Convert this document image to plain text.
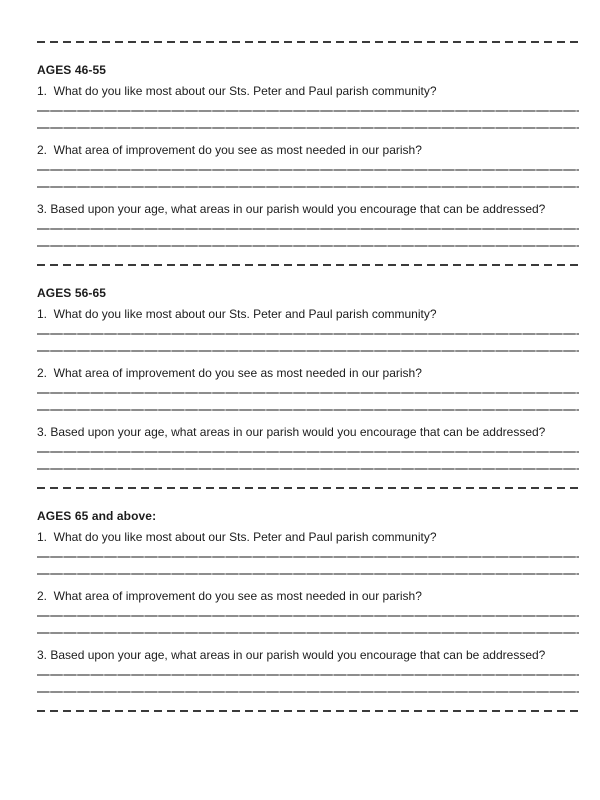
AGES 46-55
1.  What do you like most about our Sts. Peter and Paul parish community?
2.  What area of improvement do you see as most needed in our parish?
3. Based upon your age, what areas in our parish would you encourage that can be addressed?
AGES 56-65
1.  What do you like most about our Sts. Peter and Paul parish community?
2.  What area of improvement do you see as most needed in our parish?
3. Based upon your age, what areas in our parish would you encourage that can be addressed?
AGES 65 and above:
1.  What do you like most about our Sts. Peter and Paul parish community?
2.  What area of improvement do you see as most needed in our parish?
3. Based upon your age, what areas in our parish would you encourage that can be addressed?
